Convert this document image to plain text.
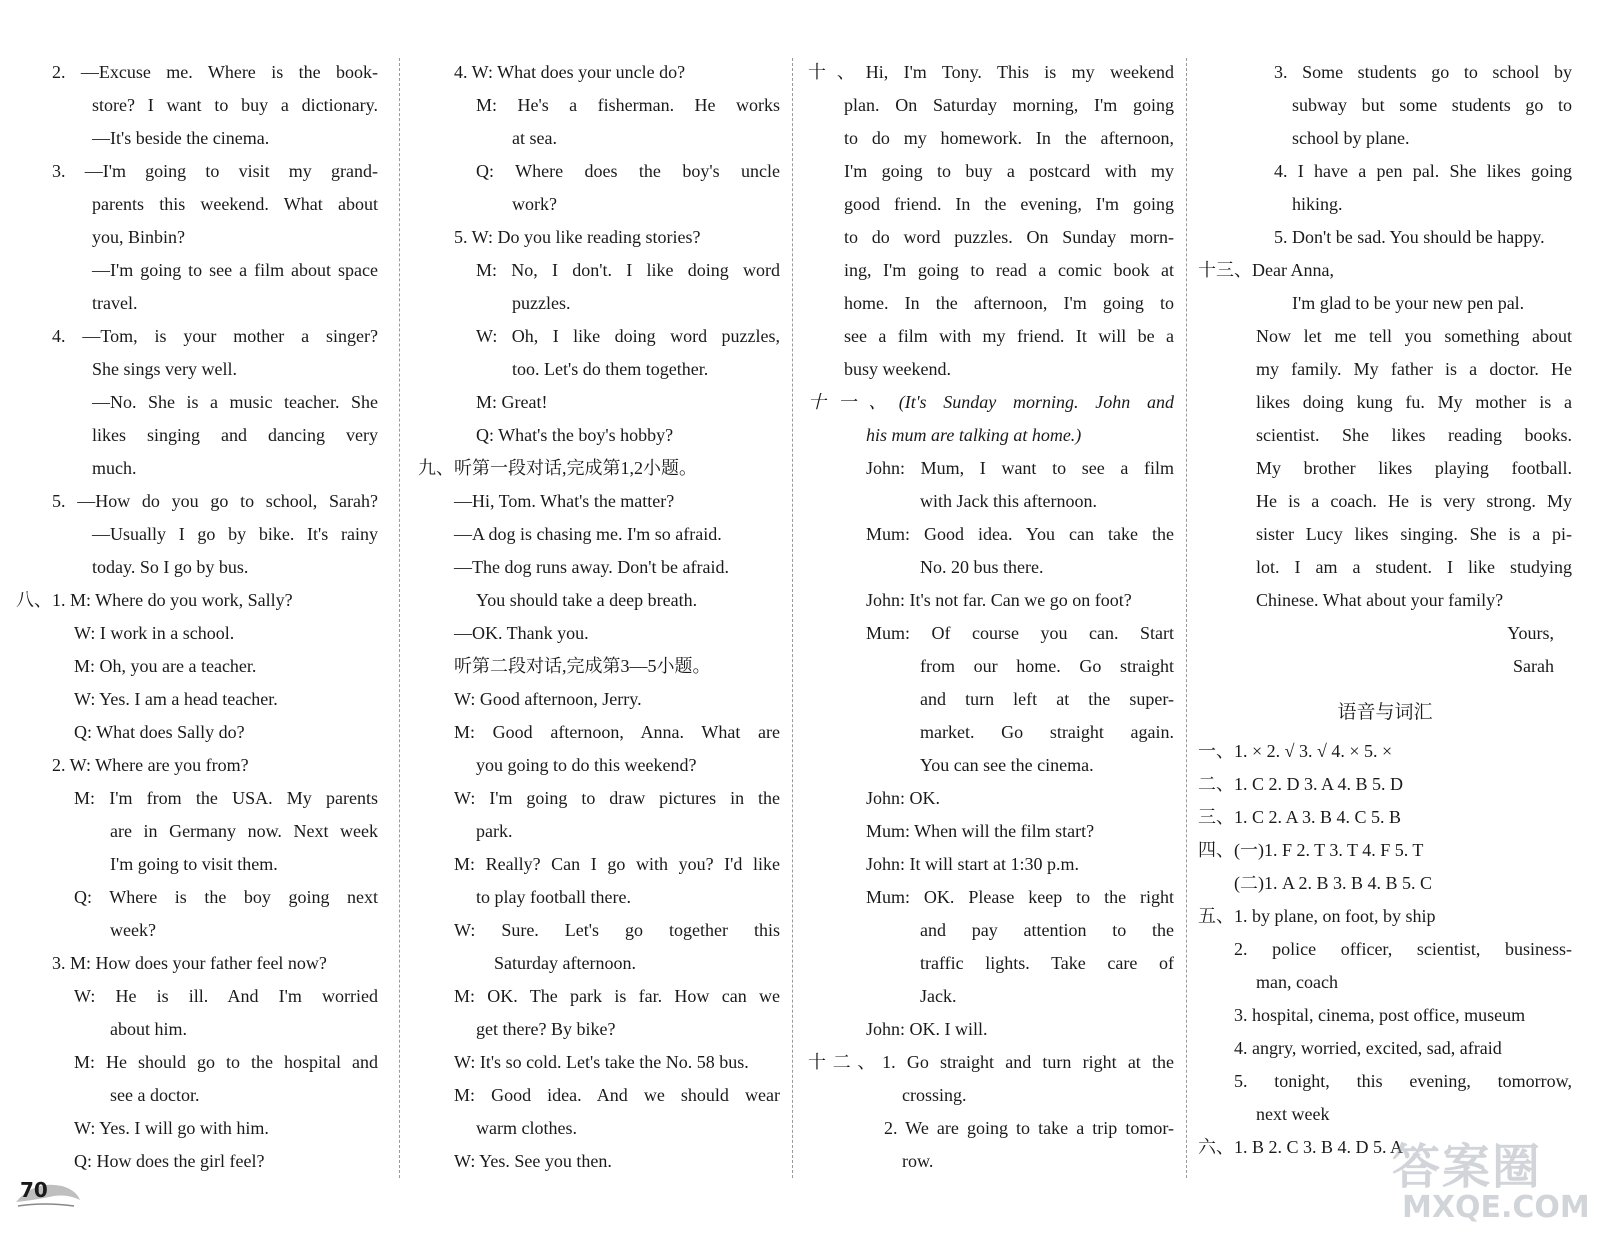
2. —Excuse me. Where is the book-
store? I want to buy a dictionary.
—It's beside the cinema.
3. —I'm going to visit my grand-
parents this weekend. What about
you, Binbin?
—I'm going to see a film about space
travel.
4. —Tom, is your mother a singer?
She sings very well.
—No. She is a music teacher. She
likes singing and dancing very
much.
5. —How do you go to school, Sarah?
—Usually I go by bike. It's rainy
today. So I go by bus.
八、1. M: Where do you work, Sally?
W: I work in a school.
M: Oh, you are a teacher.
W: Yes. I am a head teacher.
Q: What does Sally do?
2. W: Where are you from?
M: I'm from the USA. My parents
are in Germany now. Next week
I'm going to visit them.
Q: Where is the boy going next
week?
3. M: How does your father feel now?
W: He is ill. And I'm worried
about him.
M: He should go to the hospital and
see a doctor.
W: Yes. I will go with him.
Q: How does the girl feel?
4. W: What does your uncle do?
M: He's a fisherman. He works
at sea.
Q: Where does the boy's uncle
work?
5. W: Do you like reading stories?
M: No, I don't. I like doing word
puzzles.
W: Oh, I like doing word puzzles,
too. Let's do them together.
M: Great!
Q: What's the boy's hobby?
九、听第一段对话,完成第1,2小题。
—Hi, Tom. What's the matter?
—A dog is chasing me. I'm so afraid.
—The dog runs away. Don't be afraid.
You should take a deep breath.
—OK. Thank you.
听第二段对话,完成第3—5小题。
W: Good afternoon, Jerry.
M: Good afternoon, Anna. What are
you going to do this weekend?
W: I'm going to draw pictures in the
park.
M: Really? Can I go with you? I'd like
to play football there.
W: Sure. Let's go together this
Saturday afternoon.
M: OK. The park is far. How can we
get there? By bike?
W: It's so cold. Let's take the No. 58 bus.
M: Good idea. And we should wear
warm clothes.
W: Yes. See you then.
十、Hi, I'm Tony. This is my weekend
plan. On Saturday morning, I'm going
to do my homework. In the afternoon,
I'm going to buy a postcard with my
good friend. In the evening, I'm going
to do word puzzles. On Sunday morn-
ing, I'm going to read a comic book at
home. In the afternoon, I'm going to
see a film with my friend. It will be a
busy weekend.
十一、(It's Sunday morning. John and
his mum are talking at home.)
John: Mum, I want to see a film
with Jack this afternoon.
Mum: Good idea. You can take the
No. 20 bus there.
John: It's not far. Can we go on foot?
Mum: Of course you can. Start
from our home. Go straight
and turn left at the super-
market. Go straight again.
You can see the cinema.
John: OK.
Mum: When will the film start?
John: It will start at 1:30 p.m.
Mum: OK. Please keep to the right
and pay attention to the
traffic lights. Take care of
Jack.
John: OK. I will.
十二、1. Go straight and turn right at the
crossing.
2. We are going to take a trip tomor-
row.
3. Some students go to school by
subway but some students go to
school by plane.
4. I have a pen pal. She likes going
hiking.
5. Don't be sad. You should be happy.
十三、Dear Anna,
I'm glad to be your new pen pal.
Now let me tell you something about
my family. My father is a doctor. He
likes doing kung fu. My mother is a
scientist. She likes reading books.
My brother likes playing football.
He is a coach. He is very strong. My
sister Lucy likes singing. She is a pi-
lot. I am a student. I like studying
Chinese. What about your family?
Yours,
Sarah
语音与词汇
一、1. × 2. √ 3. √ 4. × 5. ×
二、1. C 2. D 3. A 4. B 5. D
三、1. C 2. A 3. B 4. C 5. B
四、(一)1. F 2. T 3. T 4. F 5. T
(二)1. A 2. B 3. B 4. B 5. C
五、1. by plane, on foot, by ship
2. police officer, scientist, business-
man, coach
3. hospital, cinema, post office, museum
4. angry, worried, excited, sad, afraid
5. tonight, this evening, tomorrow,
next week
六、1. B 2. C 3. B 4. D 5. A
70	答案圈
MXQE.COM
